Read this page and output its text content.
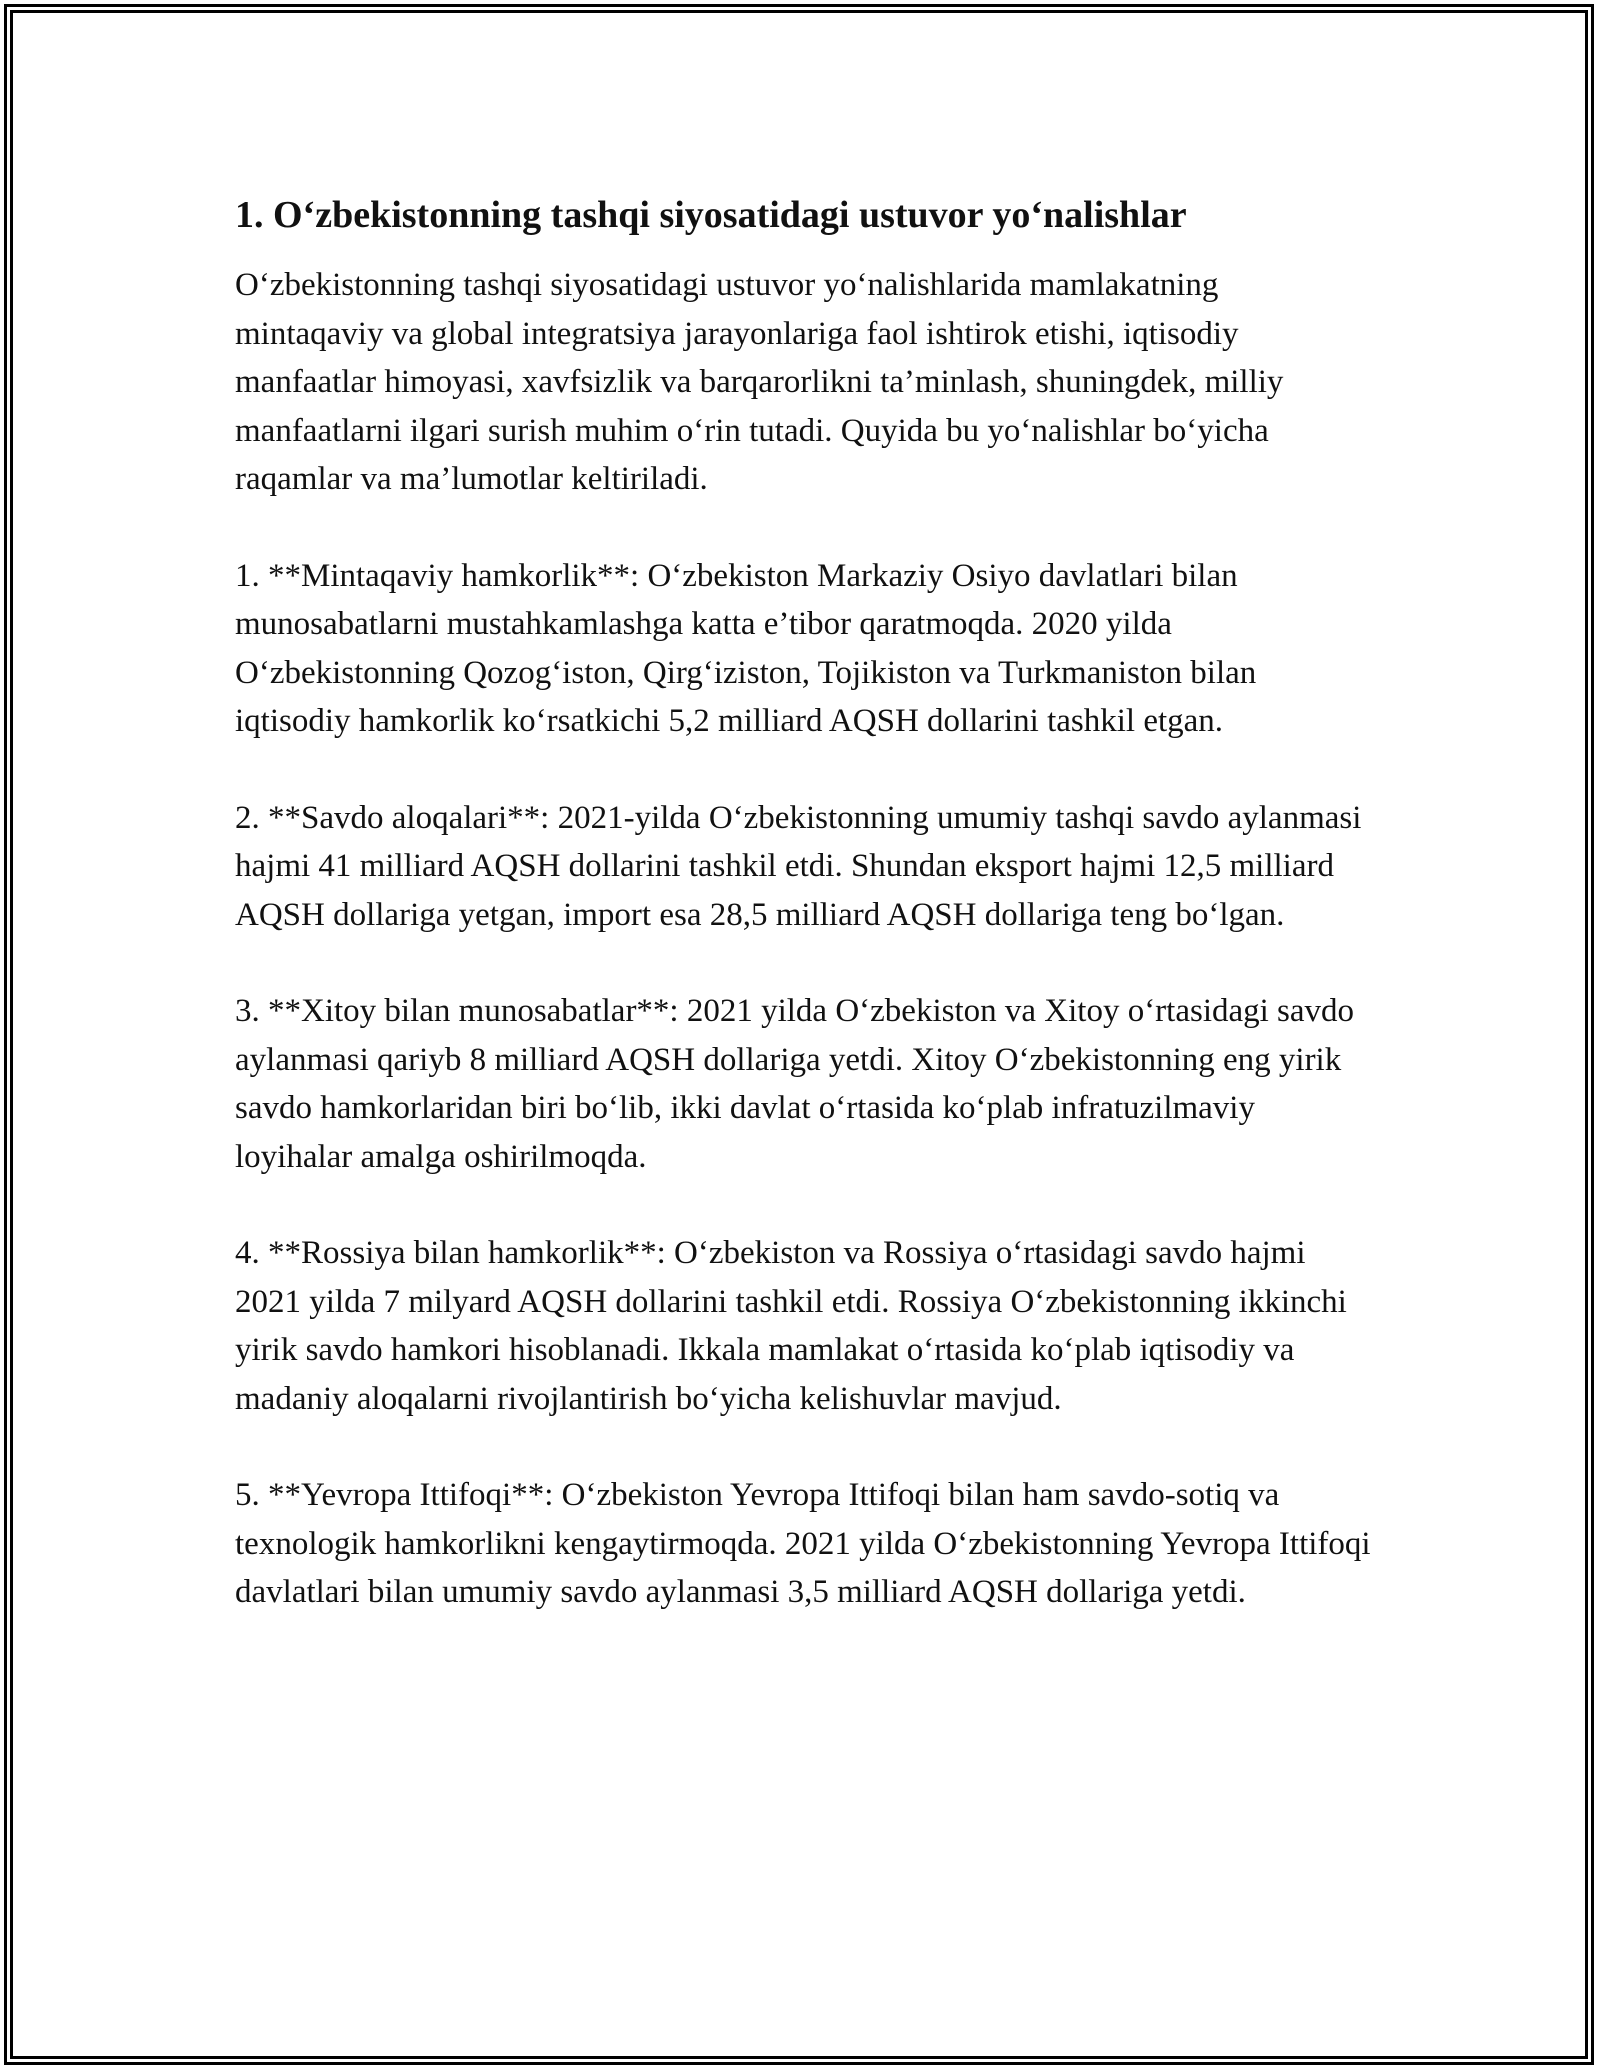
1. O‘zbekistonning tashqi siyosatidagi ustuvor yo‘nalishlar

O‘zbekistonning tashqi siyosatidagi ustuvor yo‘nalishlarida mamlakatning mintaqaviy va global integratsiya jarayonlariga faol ishtirok etishi, iqtisodiy manfaatlar himoyasi, xavfsizlik va barqarorlikni ta’minlash, shuningdek, milliy manfaatlarni ilgari surish muhim o‘rin tutadi. Quyida bu yo‘nalishlar bo‘yicha raqamlar va ma’lumotlar keltiriladi.

1. **Mintaqaviy hamkorlik**: O‘zbekiston Markaziy Osiyo davlatlari bilan munosabatlarni mustahkamlashga katta e’tibor qaratmoqda. 2020 yilda O‘zbekistonning Qozog‘iston, Qirg‘iziston, Tojikiston va Turkmaniston bilan iqtisodiy hamkorlik ko‘rsatkichi 5,2 milliard AQSH dollarini tashkil etgan.

2. **Savdo aloqalari**: 2021-yilda O‘zbekistonning umumiy tashqi savdo aylanmasi hajmi 41 milliard AQSH dollarini tashkil etdi. Shundan eksport hajmi 12,5 milliard AQSH dollariga yetgan, import esa 28,5 milliard AQSH dollariga teng bo‘lgan.

3. **Xitoy bilan munosabatlar**: 2021 yilda O‘zbekiston va Xitoy o‘rtasidagi savdo aylanmasi qariyb 8 milliard AQSH dollariga yetdi. Xitoy O‘zbekistonning eng yirik savdo hamkorlaridan biri bo‘lib, ikki davlat o‘rtasida ko‘plab infratuzilmaviy loyihalar amalga oshirilmoqda.

4. **Rossiya bilan hamkorlik**: O‘zbekiston va Rossiya o‘rtasidagi savdo hajmi 2021 yilda 7 milyard AQSH dollarini tashkil etdi. Rossiya O‘zbekistonning ikkinchi yirik savdo hamkori hisoblanadi. Ikkala mamlakat o‘rtasida ko‘plab iqtisodiy va madaniy aloqalarni rivojlantirish bo‘yicha kelishuvlar mavjud.

5. **Yevropa Ittifoqi**: O‘zbekiston Yevropa Ittifoqi bilan ham savdo-sotiq va texnologik hamkorlikni kengaytirmoqda. 2021 yilda O‘zbekistonning Yevropa Ittifoqi davlatlari bilan umumiy savdo aylanmasi 3,5 milliard AQSH dollariga yetdi.
